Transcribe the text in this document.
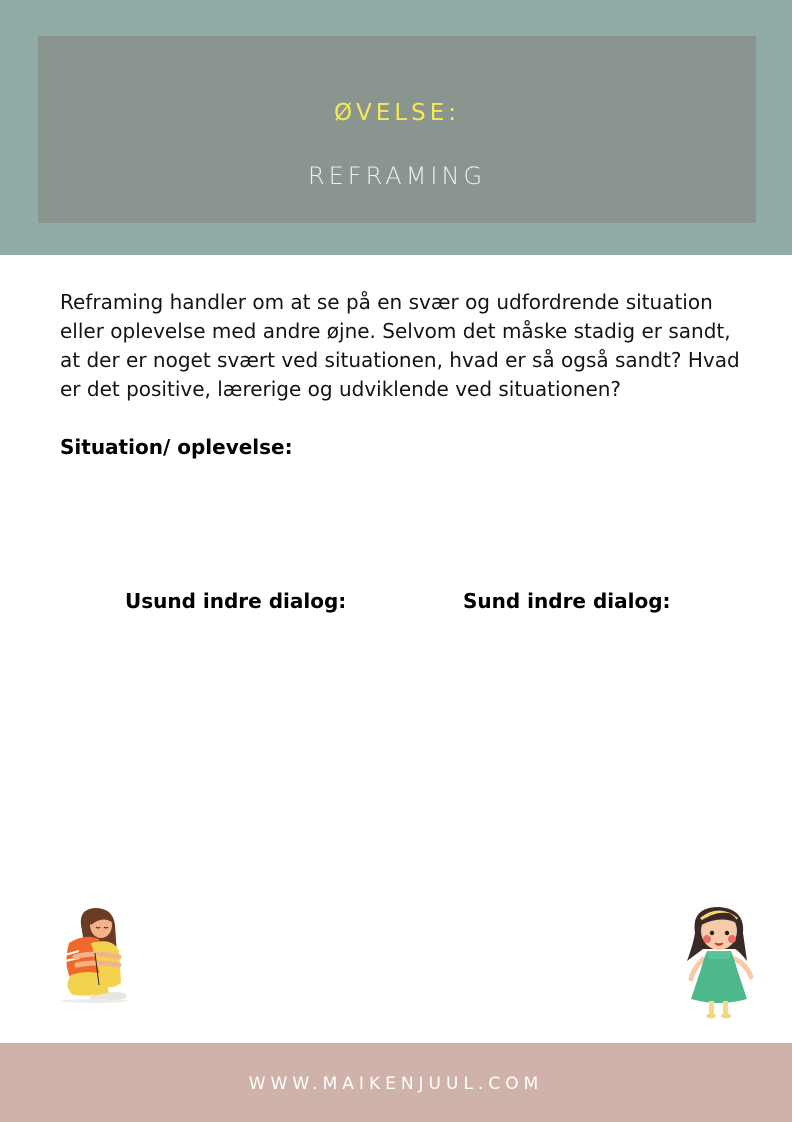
ØVELSE:
REFRAMING

Reframing handler om at se på en svær og udfordrende situation eller oplevelse med andre øjne. Selvom det måske stadig er sandt, at der er noget svært ved situationen, hvad er så også sandt? Hvad er det positive, lærerige og udviklende ved situationen?

Situation/ oplevelse:
Usund indre dialog:	Sund indre dialog:
WWW.MAIKENJUUL.COM
